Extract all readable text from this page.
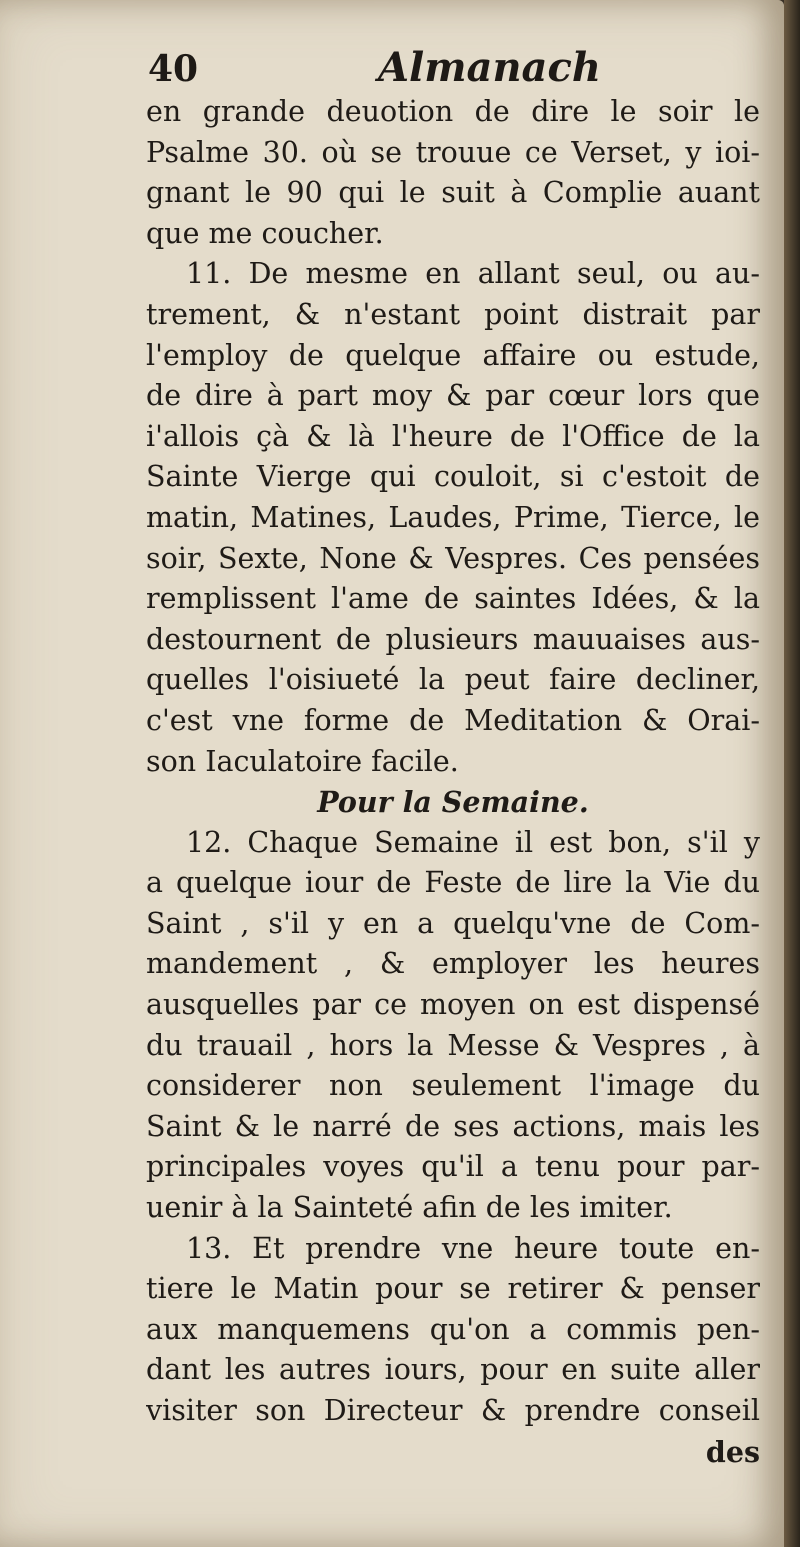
40	Almanach
en grande deuotion de dire le soir le
Psalme 30. où se trouue ce Verset, y ioi-
gnant le 90 qui le suit à Complie auant
que me coucher.
11. De mesme en allant seul, ou au-
trement, & n'estant point distrait par
l'employ de quelque affaire ou estude,
de dire à part moy & par cœur lors que
i'allois çà & là l'heure de l'Office de la
Sainte Vierge qui couloit, si c'estoit de
matin, Matines, Laudes, Prime, Tierce, le
soir, Sexte, None & Vespres. Ces pensées
remplissent l'ame de saintes Idées, & la
destournent de plusieurs mauuaises aus-
quelles l'oisiueté la peut faire decliner,
c'est vne forme de Meditation & Orai-
son Iaculatoire facile.
Pour la Semaine.
12. Chaque Semaine il est bon, s'il y
a quelque iour de Feste de lire la Vie du
Saint , s'il y en a quelqu'vne de Com-
mandement , & employer les heures
ausquelles par ce moyen on est dispensé
du trauail , hors la Messe & Vespres , à
considerer non seulement l'image du
Saint & le narré de ses actions, mais les
principales voyes qu'il a tenu pour par-
uenir à la Sainteté afin de les imiter.
13. Et prendre vne heure toute en-
tiere le Matin pour se retirer & penser
aux manquemens qu'on a commis pen-
dant les autres iours, pour en suite aller
visiter son Directeur & prendre conseil
des
